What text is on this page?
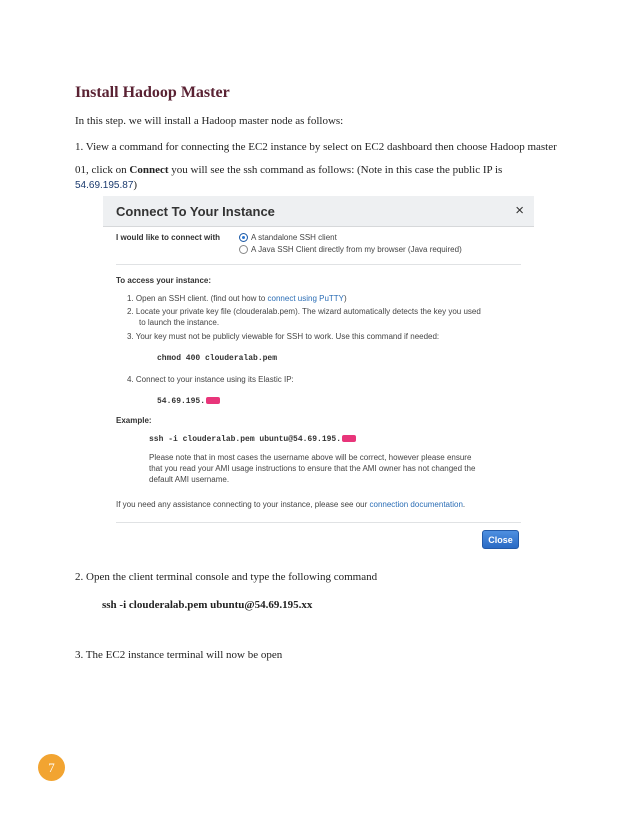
Install Hadoop Master
In this step. we will install a Hadoop master node as follows:
1. View a command for connecting the EC2 instance by select on EC2 dashboard then choose Hadoop master
01, click on Connect you will see the ssh command as follows: (Note in this case the public IP is
54.69.195.87)
Connect To Your Instance	×
I would like to connect with	A standalone SSH client
A Java SSH Client directly from my browser (Java required)
To access your instance:
1. Open an SSH client. (find out how to connect using PuTTY)
2. Locate your private key file (clouderalab.pem). The wizard automatically detects the key you used
to launch the instance.
3. Your key must not be publicly viewable for SSH to work. Use this command if needed:
chmod 400 clouderalab.pem
4. Connect to your instance using its Elastic IP:
54.69.195.
Example:
ssh -i clouderalab.pem ubuntu@54.69.195.
Please note that in most cases the username above will be correct, however please ensure
that you read your AMI usage instructions to ensure that the AMI owner has not changed the
default AMI username.
If you need any assistance connecting to your instance, please see our connection documentation.
Close
2. Open the client terminal console and type the following command
ssh -i clouderalab.pem ubuntu@54.69.195.xx
3. The EC2 instance terminal will now be open
7
